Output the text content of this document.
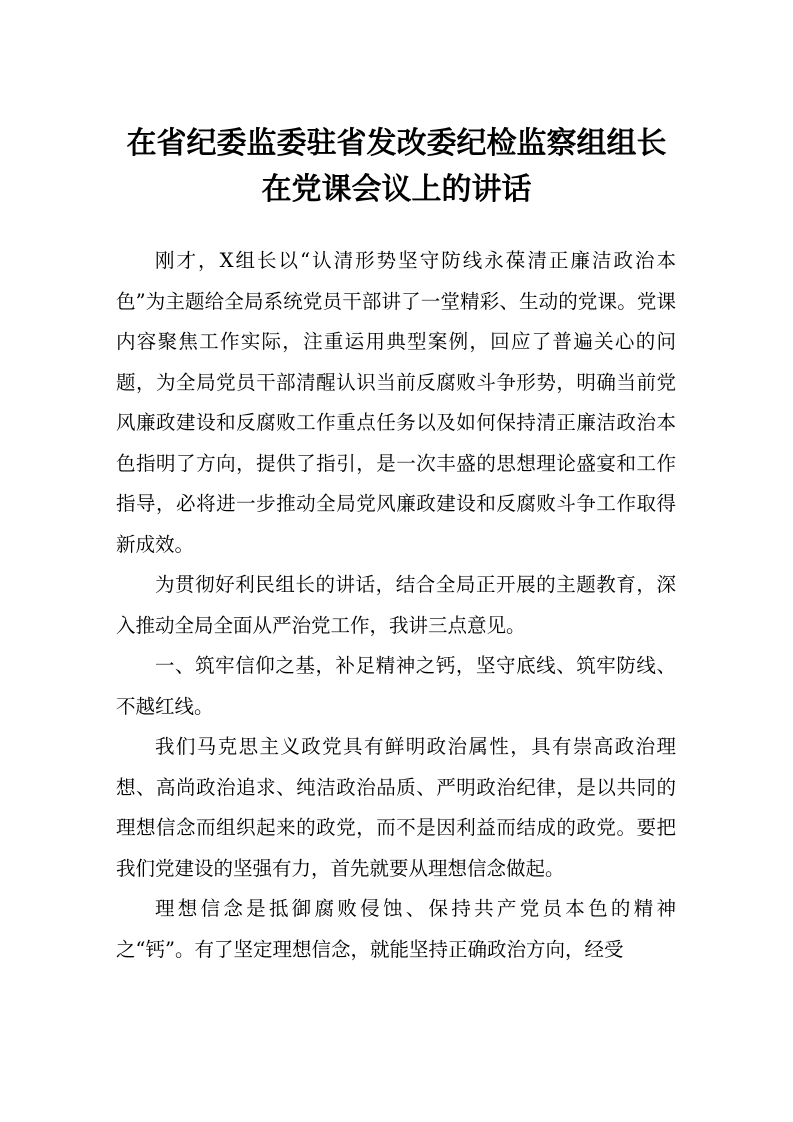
在省纪委监委驻省发改委纪检监察组组长
在党课会议上的讲话

刚才，X组长以“认清形势坚守防线永葆清正廉洁政治本色”为主题给全局系统党员干部讲了一堂精彩、生动的党课。党课内容聚焦工作实际，注重运用典型案例，回应了普遍关心的问题，为全局党员干部清醒认识当前反腐败斗争形势，明确当前党风廉政建设和反腐败工作重点任务以及如何保持清正廉洁政治本色指明了方向，提供了指引，是一次丰盛的思想理论盛宴和工作指导，必将进一步推动全局党风廉政建设和反腐败斗争工作取得新成效。

为贯彻好利民组长的讲话，结合全局正开展的主题教育，深入推动全局全面从严治党工作，我讲三点意见。

一、筑牢信仰之基，补足精神之钙，坚守底线、筑牢防线、不越红线。

我们马克思主义政党具有鲜明政治属性，具有崇高政治理想、高尚政治追求、纯洁政治品质、严明政治纪律，是以共同的理想信念而组织起来的政党，而不是因利益而结成的政党。要把我们党建设的坚强有力，首先就要从理想信念做起。

理想信念是抵御腐败侵蚀、保持共产党员本色的精神之“钙”。有了坚定理想信念，就能坚持正确政治方向，经受
